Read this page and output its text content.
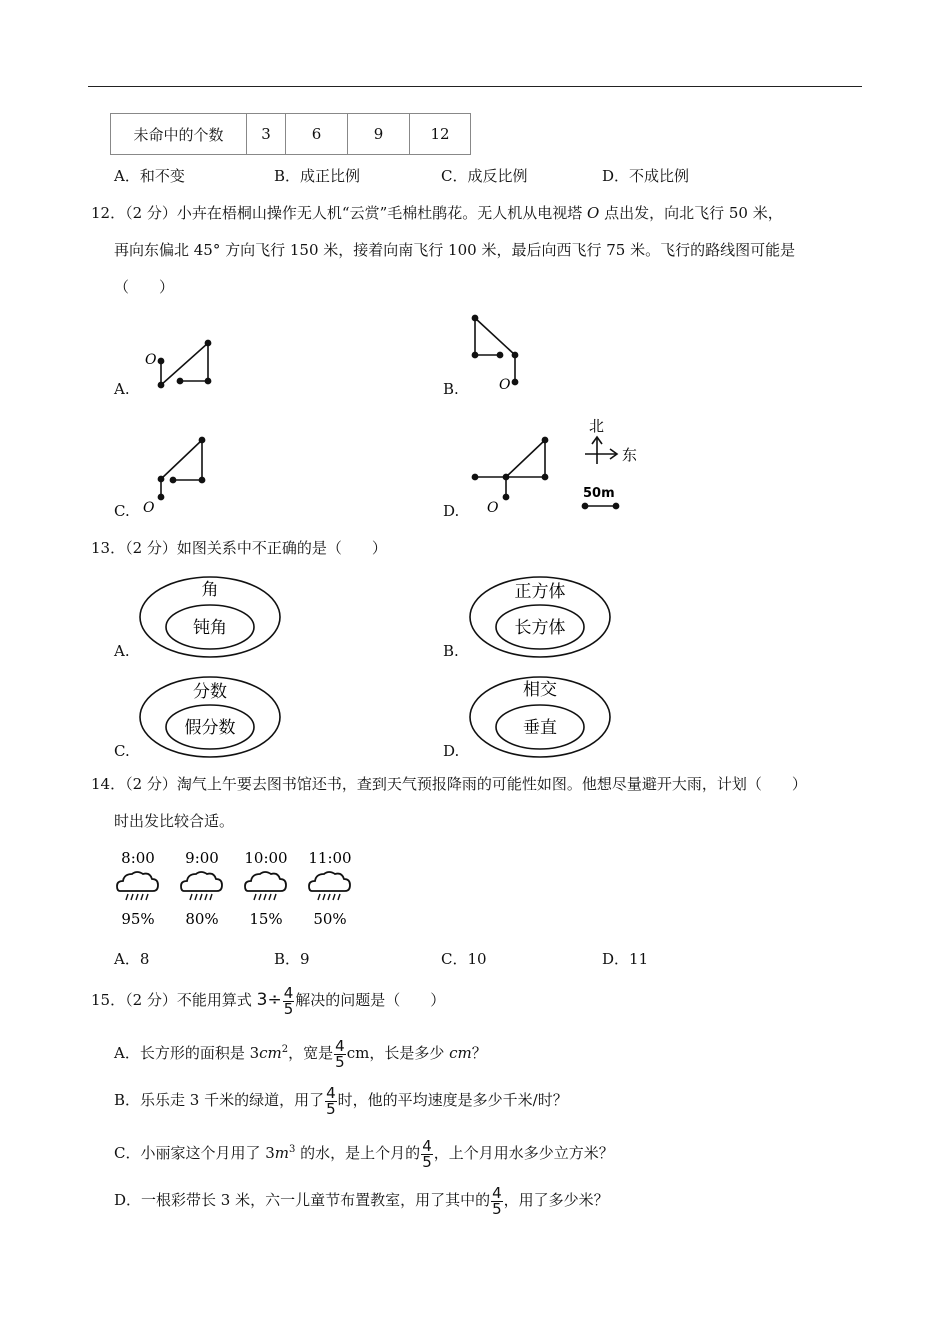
未命中的个数	3	6	9	12
A．和不变	B．成正比例	C．成反比例	D．不成比例
12．（2 分）小卉在梧桐山操作无人机“云赏”毛棉杜鹃花。无人机从电视塔 O 点出发，向北飞行 50 米，
再向东偏北 45° 方向飞行 150 米，接着向南飞行 100 米，最后向西飞行 75 米。飞行的路线图可能是
（　　）
A.
O
B.	O
C. O	D. O
北
东
50m
13．（2 分）如图关系中不正确的是（　　）
A.
角
钝角
B.
正方体
长方体
C.
分数
假分数
D.
相交
垂直
14．（2 分）淘气上午要去图书馆还书，查到天气预报降雨的可能性如图。他想尽量避开大雨，计划（　　）
时出发比较合适。
8:00
95%
9:00
80%
10:00
15%
11:00
50%
A．8	B．9	C．10	D．11
15．（2 分）不能用算式 $3\div \frac{4}{5}$ 解决的问题是（　　）
A．长方形的面积是 $3cm^2$，宽是 $\frac{4}{5}$ cm，长是多少 cm？
B．乐乐走 3 千米的绿道，用了 $\frac{4}{5}$ 时，他的平均速度是多少千米/时？
C．小丽家这个月用了 $3m^3$ 的水，是上个月的 $\frac{4}{5}$ ，上个月用水多少立方米？
D．一根彩带长 3 米，六一儿童节布置教室，用了其中的 $\frac{4}{5}$ ，用了多少米？
